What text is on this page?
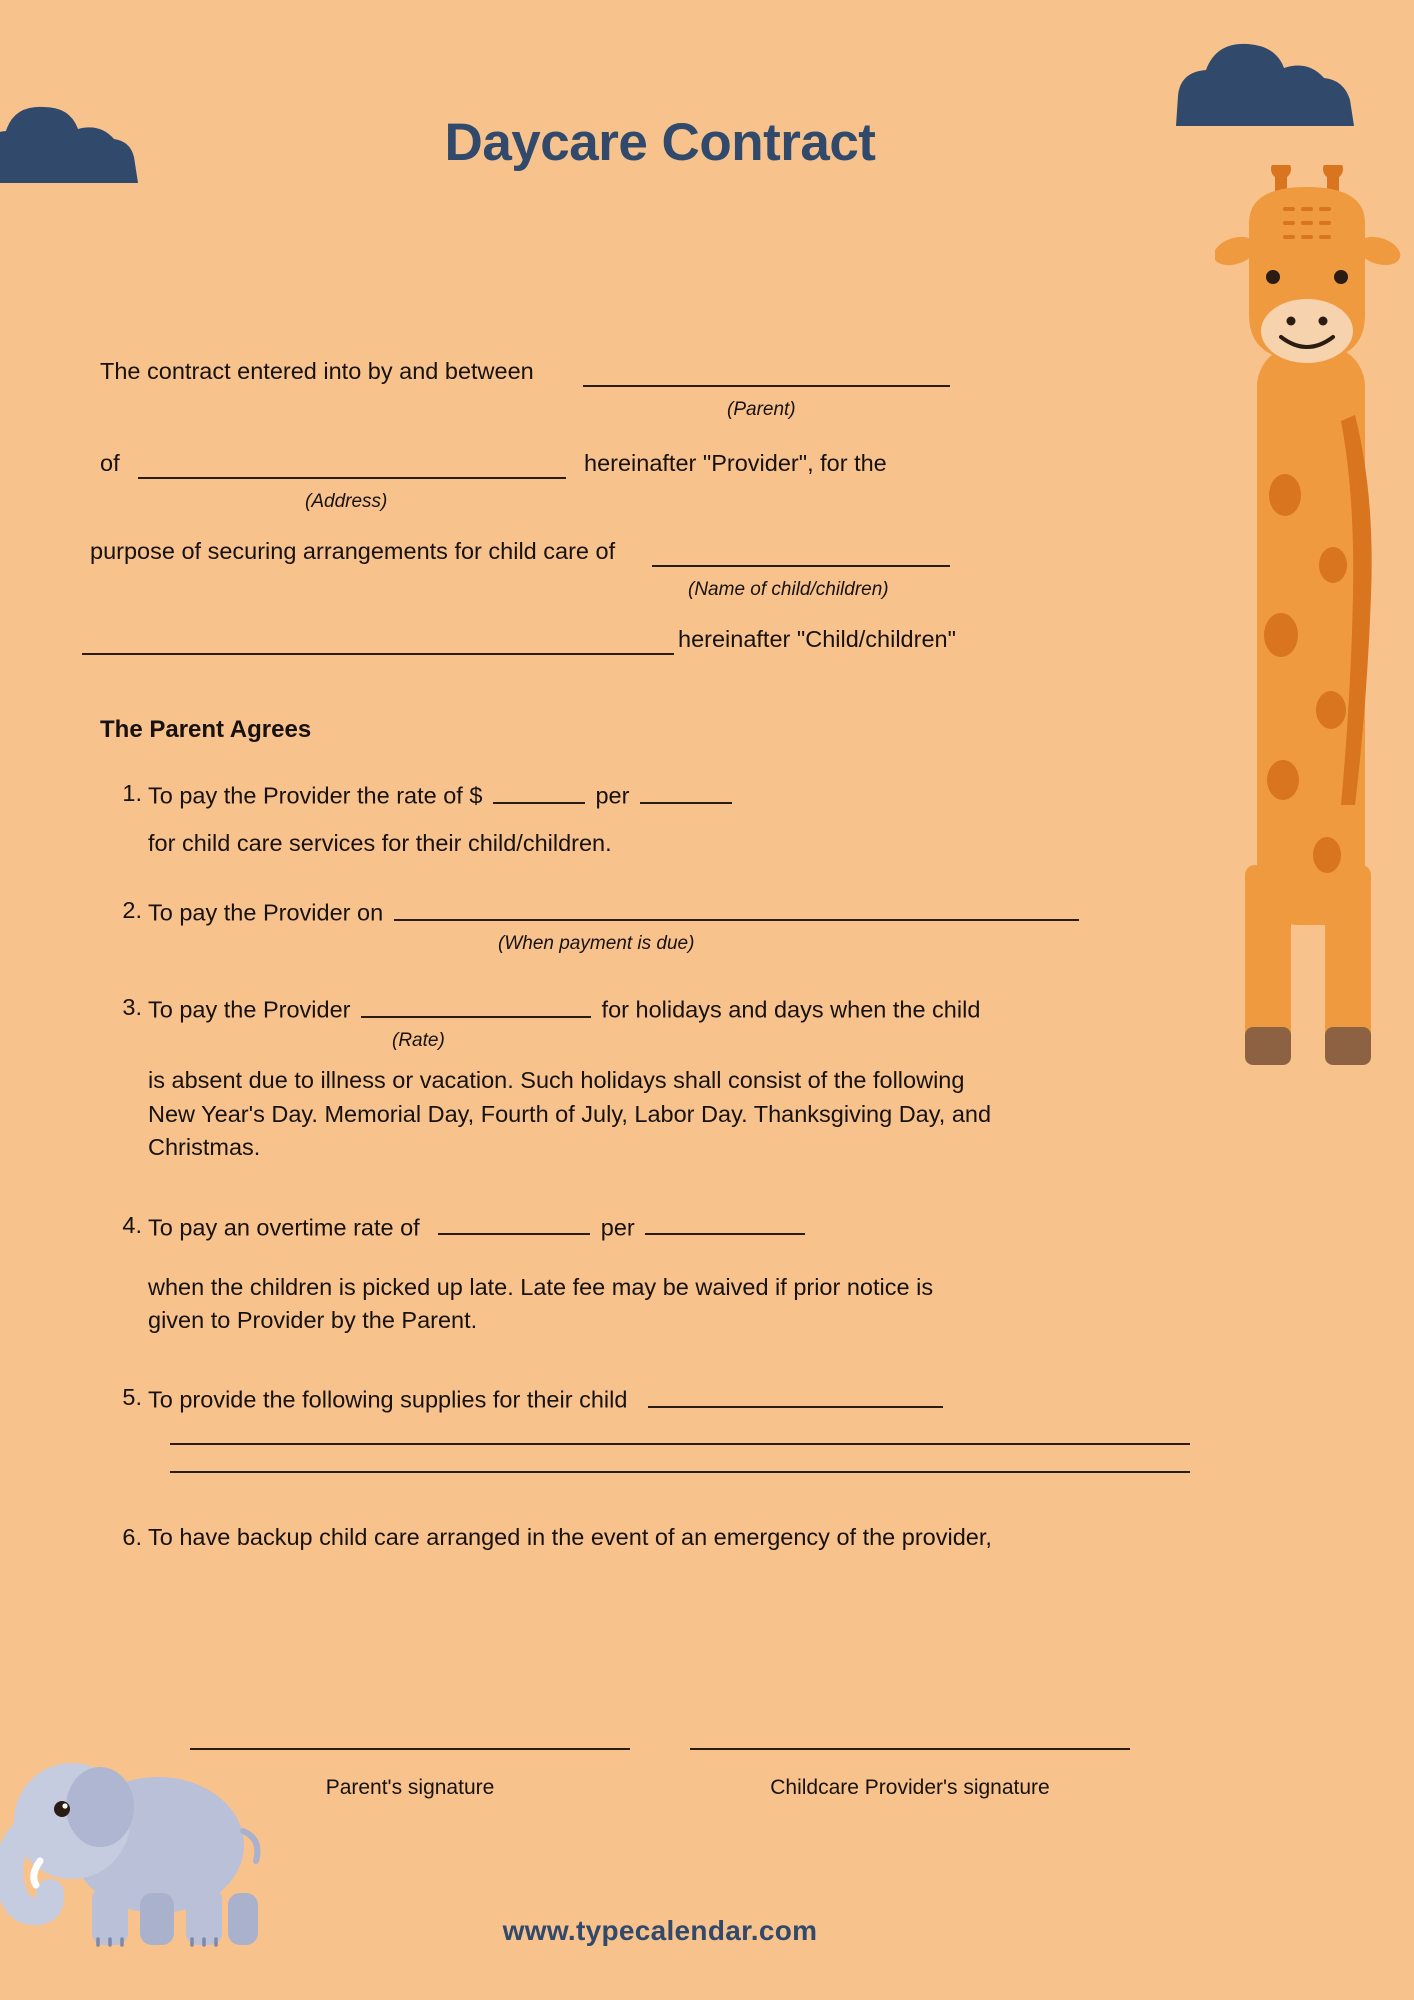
Daycare Contract
The contract entered into by and between
(Parent)
of	hereinafter "Provider", for the
(Address)
purpose of securing arrangements for child care of
(Name of child/children)
hereinafter "Child/children"
The Parent Agrees
1. To pay the Provider the rate of $	per
for child care services for their child/children.
2. To pay the Provider on
(When payment is due)
3. To pay the Provider	for holidays and days when the child
(Rate)
is absent due to illness or vacation. Such holidays shall consist of the following
New Year's Day. Memorial Day, Fourth of July, Labor Day. Thanksgiving Day, and
Christmas.
4. To pay an overtime rate of	per
when the children is picked up late. Late fee may be waived if prior notice is
given to Provider by the Parent.
5. To provide the following supplies for their child
6. To have backup child care arranged in the event of an emergency of the provider,
Parent's signature	Childcare Provider's signature
www.typecalendar.com
